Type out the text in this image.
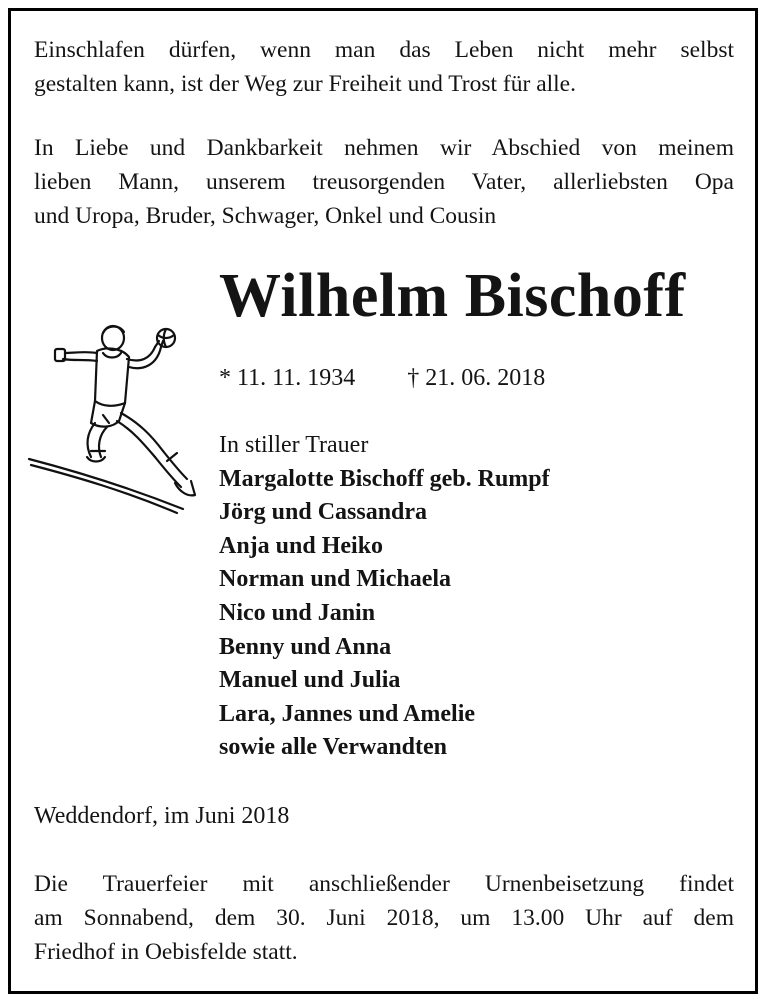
Einschlafen dürfen, wenn man das Leben nicht mehr selbst
gestalten kann, ist der Weg zur Freiheit und Trost für alle.

In Liebe und Dankbarkeit nehmen wir Abschied von meinem
lieben Mann, unserem treusorgenden Vater, allerliebsten Opa
und Uropa, Bruder, Schwager, Onkel und Cousin

Wilhelm Bischoff
* 11. 11. 1934 † 21. 06. 2018
In stiller Trauer
Margalotte Bischoff geb. Rumpf
Jörg und Cassandra
Anja und Heiko
Norman und Michaela
Nico und Janin
Benny und Anna
Manuel und Julia
Lara, Jannes und Amelie
sowie alle Verwandten
Weddendorf, im Juni 2018

Die Trauerfeier mit anschließender Urnenbeisetzung findet
am Sonnabend, dem 30. Juni 2018, um 13.00 Uhr auf dem
Friedhof in Oebisfelde statt.
